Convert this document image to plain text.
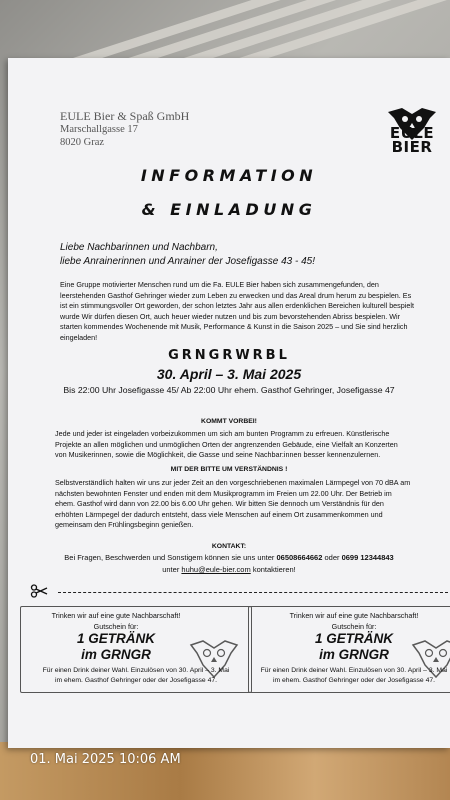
EULE Bier & Spaß GmbH
Marschallgasse 17
8020 Graz
EULE
BIER
INFORMATION
& EINLADUNG
Liebe Nachbarinnen und Nachbarn,
liebe Anrainerinnen und Anrainer der Josefigasse 43 - 45!
Eine Gruppe motivierter Menschen rund um die Fa. EULE Bier haben sich zusammengefunden, den
leerstehenden Gasthof Gehringer wieder zum Leben zu erwecken und das Areal drum herum zu bespielen. Es
ist ein stimmungsvoller Ort geworden, der schon letztes Jahr aus allen erdenklichen Bereichen kulturell bespielt
wurde Wir dürfen diesen Ort, auch heuer wieder nutzen und bis zum bevorstehenden Abriss bespielen. Wir
starten kommendes Wochenende mit Musik, Performance & Kunst in die Saison 2025 – und Sie sind herzlich
eingeladen!
GRNGRWRBL
30. April – 3. Mai 2025
Bis 22:00 Uhr Josefigasse 45/ Ab 22:00 Uhr ehem. Gasthof Gehringer, Josefigasse 47
KOMMT VORBEI!
Jede und jeder ist eingeladen vorbeizukommen um sich am bunten Programm zu erfreuen. Künstlerische
Projekte an allen möglichen und unmöglichen Orten der angrenzenden Gebäude, eine Vielfalt an Konzerten
von Musikerinnen, sowie die Möglichkeit, die Gasse und seine Nachbar:innen besser kennenzulernen.
MIT DER BITTE UM VERSTÄNDNIS !
Selbstverständlich halten wir uns zur jeder Zeit an den vorgeschriebenen maximalen Lärmpegel von 70 dBA am
nächsten bewohnten Fenster und enden mit dem Musikprogramm im Freien um 22.00 Uhr. Der Betrieb im
ehem. Gasthof wird dann von 22.00 bis 6.00 Uhr gehen. Wir bitten Sie dennoch um Verständnis für den
erhöhten Lärmpegel der dadurch entsteht, dass viele Menschen auf einem Ort zusammenkommen und
gemeinsam den Frühlingsbeginn genießen.
KONTAKT:
Bei Fragen, Beschwerden und Sonstigem können sie uns unter 06508664662 oder 0699 12344843
unter huhu@eule-bier.com kontaktieren!
Trinken wir auf eine gute Nachbarschaft!
Gutschein für:
1 GETRÄNK
im GRNGR
Für einen Drink deiner Wahl. Einzulösen von 30. April – 3. Mai
im ehem. Gasthof Gehringer oder der Josefigasse 47.
Trinken wir auf eine gute Nachbarschaft!
Gutschein für:
1 GETRÄNK
im GRNGR
Für einen Drink deiner Wahl. Einzulösen von 30. April – 3. Mai
im ehem. Gasthof Gehringer oder der Josefigasse 47.
01. Mai 2025 10:06 AM
